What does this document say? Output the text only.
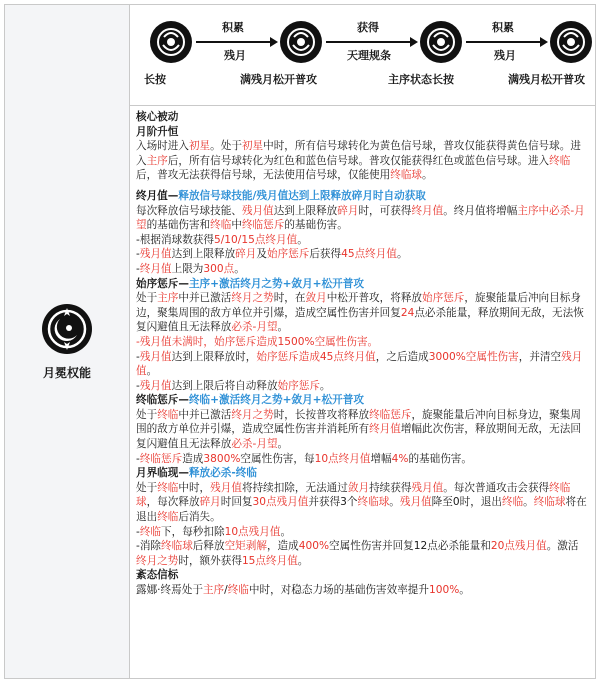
月冕权能
长按	满残月松开普攻	主序状态长按	满残月松开普攻
积累
残月
获得
天理规条
积累
残月

核心被动

月阶升恒

入场时进入初星。处于初星中时，所有信号球转化为黄色信号球，普攻仅能获得黄色信号球。进入主序后，所有信号球转化为红色和蓝色信号球。普攻仅能获得红色或蓝色信号球。进入终临后，普攻无法获得信号球，无法使用信号球，仅能使用终临球。

终月值—释放信号球技能/残月值达到上限释放碎月时自动获取

每次释放信号球技能、残月值达到上限释放碎月时，可获得终月值。终月值将增幅主序中必杀-月望的基础伤害和终临中终临惩斥的基础伤害。

-根据消球数获得5/10/15点终月值。

-残月值达到上限释放碎月及始序惩斥后获得45点终月值。

-终月值上限为300点。

始序惩斥—主序+激活终月之势+敛月+松开普攻

处于主序中并已激活终月之势时，在敛月中松开普攻，将释放始序惩斥，旋聚能量后冲向目标身边，聚集周围的敌方单位并引爆，造成空属性伤害并回复24点必杀能量，释放期间无敌，无法恢复闪避值且无法释放必杀-月望。

-残月值未满时，始序惩斥造成1500%空属性伤害。

-残月值达到上限释放时，始序惩斥造成45点终月值，之后造成3000%空属性伤害，并清空残月值。

-残月值达到上限后将自动释放始序惩斥。

终临惩斥—终临+激活终月之势+敛月+松开普攻

处于终临中并已激活终月之势时，长按普攻将释放终临惩斥，旋聚能量后冲向目标身边，聚集周围的敌方单位并引爆，造成空属性伤害并消耗所有终月值增幅此次伤害，释放期间无敌，无法回复闪避值且无法释放必杀-月望。

-终临惩斥造成3800%空属性伤害，每10点终月值增幅4%的基础伤害。

月界临现—释放必杀-终临

处于终临中时，残月值将持续扣除，无法通过敛月持续获得残月值。每次普通攻击会获得终临球，每次释放碎月时回复30点残月值并获得3个终临球。残月值降至0时，退出终临。终临球将在退出终临后消失。

-终临下，每秒扣除10点残月值。

-消除终临球后释放空矩剥解，造成400%空属性伤害并回复12点必杀能量和20点残月值。激活终月之势时，额外获得15点终月值。

紊态信标

露娜·终焉处于主序/终临中时，对稳态力场的基础伤害效率提升100%。
